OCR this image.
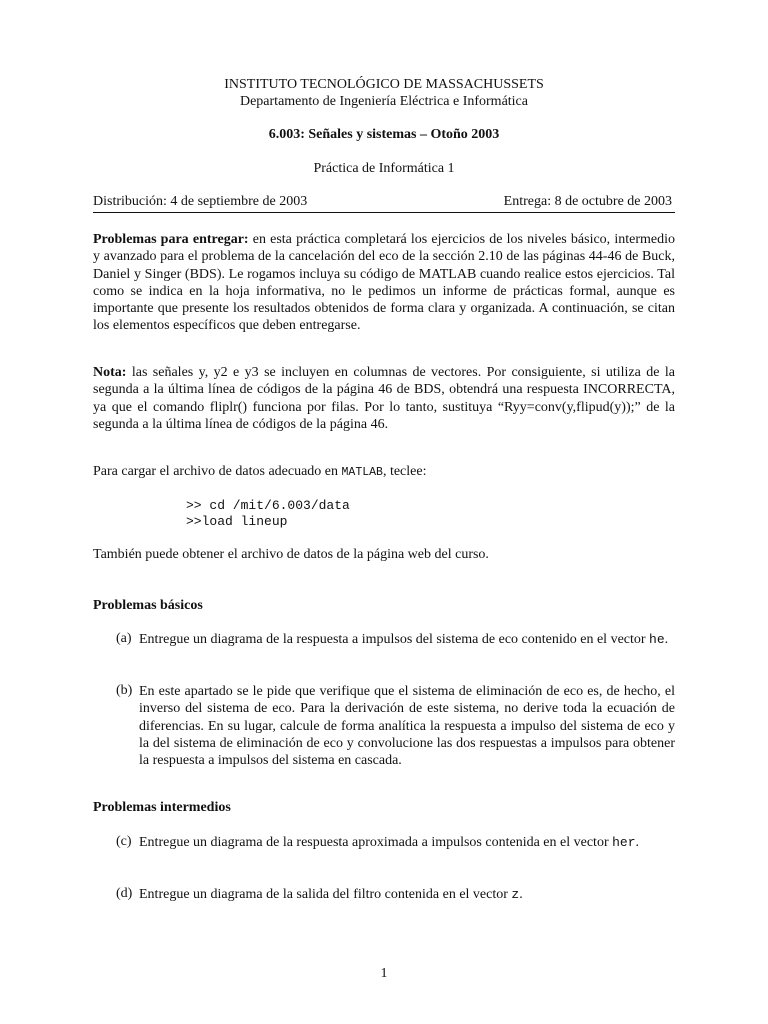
INSTITUTO TECNOLÓGICO DE MASSACHUSSETS
Departamento de Ingeniería Eléctrica e Informática
6.003: Señales y sistemas – Otoño 2003
Práctica de Informática 1
Distribución: 4 de septiembre de 2003	Entrega: 8 de octubre de 2003

Problemas para entregar: en esta práctica completará los ejercicios de los niveles básico, intermedio y avanzado para el problema de la cancelación del eco de la sección 2.10 de las páginas 44-46 de Buck, Daniel y Singer (BDS). Le rogamos incluya su código de MATLAB cuando realice estos ejercicios. Tal como se indica en la hoja informativa, no le pedimos un informe de prácticas formal, aunque es importante que presente los resultados obtenidos de forma clara y organizada. A continuación, se citan los elementos específicos que deben entregarse.

Nota: las señales y, y2 e y3 se incluyen en columnas de vectores. Por consiguiente, si utiliza de la segunda a la última línea de códigos de la página 46 de BDS, obtendrá una respuesta INCORRECTA, ya que el comando fliplr() funciona por filas. Por lo tanto, sustituya “Ryy=conv(y,flipud(y));” de la segunda a la última línea de códigos de la página 46.

Para cargar el archivo de datos adecuado en MATLAB, teclee:
>> cd /mit/6.003/data
>>load lineup
También puede obtener el archivo de datos de la página web del curso.
Problemas básicos
(a) Entregue un diagrama de la respuesta a impulsos del sistema de eco contenido en el vector he.

(b) En este apartado se le pide que verifique que el sistema de eliminación de eco es, de hecho, el inverso del sistema de eco. Para la derivación de este sistema, no derive toda la ecuación de diferencias. En su lugar, calcule de forma analítica la respuesta a impulso del sistema de eco y la del sistema de eliminación de eco y convolucione las dos respuestas a impulsos para obtener la respuesta a impulsos del sistema en cascada.

Problemas intermedios
(c) Entregue un diagrama de la respuesta aproximada a impulsos contenida en el vector her.

(d) Entregue un diagrama de la salida del filtro contenida en el vector z.

1
